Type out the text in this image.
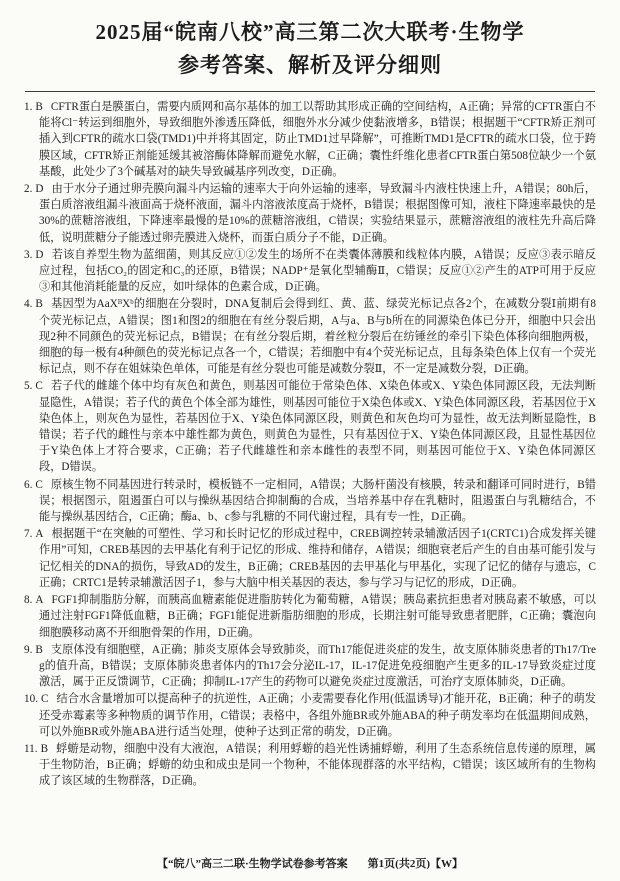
2025届“皖南八校”高三第二次大联考·生物学
参考答案、解析及评分细则

1. B CFTR蛋白是膜蛋白，需要内质网和高尔基体的加工以帮助其形成正确的空间结构，A正确；异常的CFTR蛋白不能将Cl⁻转运到细胞外，导致细胞外渗透压降低，细胞外水分减少使黏液增多，B错误；根据题干“CFTR矫正剂可插入到CFTR的疏水口袋(TMD1)中并将其固定，防止TMD1过早降解”，可推断TMD1是CFTR的疏水口袋，位于跨膜区域，CFTR矫正剂能延缓其被溶酶体降解而避免水解，C正确；囊性纤维化患者CFTR蛋白第508位缺少一个氨基酸，此处少了3个碱基对的缺失导致碱基序列改变，D正确。

2. D 由于水分子通过卵壳膜向漏斗内运输的速率大于向外运输的速率，导致漏斗内液柱快速上升，A错误；80h后，蛋白质溶液组漏斗液面高于烧杯液面，漏斗内溶液浓度高于烧杯，B错误；根据图像可知，液柱下降速率最快的是30%的蔗糖溶液组，下降速率最慢的是10%的蔗糖溶液组，C错误；实验结果显示，蔗糖溶液组的液柱先升高后降低，说明蔗糖分子能透过卵壳膜进入烧杯，而蛋白质分子不能，D正确。

3. D 若该自养型生物为蓝细菌，则其反应①②发生的场所不在类囊体薄膜和线粒体内膜，A错误；反应③表示暗反应过程，包括CO₂的固定和C₃的还原，B错误；NADP⁺是氧化型辅酶Ⅱ，C错误；反应①②产生的ATP可用于反应③和其他消耗能量的反应，如叶绿体的色素合成，D正确。

4. B 基因型为AaXᴮXᵇ的细胞在分裂时，DNA复制后会得到红、黄、蓝、绿荧光标记点各2个，在减数分裂Ⅰ前期有8个荧光标记点，A错误；图1和图2的细胞在有丝分裂后期，A与a、B与b所在的同源染色体已分开，细胞中只会出现2种不同颜色的荧光标记点，B错误；在有丝分裂后期，着丝粒分裂后在纺锤丝的牵引下染色体移向细胞两极，细胞的每一极有4种颜色的荧光标记点各一个，C错误；若细胞中有4个荧光标记点，且每条染色体上仅有一个荧光标记点，则不存在姐妹染色单体，可能是有丝分裂也可能是减数分裂Ⅱ，不一定是减数分裂，D正确。

5. C 若子代的雌雄个体中均有灰色和黄色，则基因可能位于常染色体、X染色体或X、Y染色体同源区段，无法判断显隐性，A错误；若子代的黄色个体全部为雄性，则基因可能位于X染色体或X、Y染色体同源区段，若基因位于X染色体上，则灰色为显性，若基因位于X、Y染色体同源区段，则黄色和灰色均可为显性，故无法判断显隐性，B错误；若子代的雌性与亲本中雄性都为黄色，则黄色为显性，只有基因位于X、Y染色体同源区段，且显性基因位于Y染色体上才符合要求，C正确；若子代雌雄性和亲本雌性的表型不同，则基因可能位于X、Y染色体同源区段，D错误。

6. C 原核生物不同基因进行转录时，模板链不一定相同，A错误；大肠杆菌没有核膜，转录和翻译可同时进行，B错误；根据图示，阻遏蛋白可以与操纵基因结合抑制酶的合成，当培养基中存在乳糖时，阻遏蛋白与乳糖结合，不能与操纵基因结合，C正确；酶a、b、c参与乳糖的不同代谢过程，具有专一性，D正确。

7. A 根据题干“在突触的可塑性、学习和长时记忆的形成过程中，CREB调控转录辅激活因子1(CRTC1)合成发挥关键作用”可知，CREB基因的去甲基化有利于记忆的形成、维持和储存，A错误；细胞衰老后产生的自由基可能引发与记忆相关的DNA的损伤，导致AD的发生，B正确；CREB基因的去甲基化与甲基化，实现了记忆的储存与遗忘，C正确；CRTC1是转录辅激活因子1，参与大脑中相关基因的表达，参与学习与记忆的形成，D正确。

8. A FGF1抑制脂肪分解，而胰高血糖素能促进脂肪转化为葡萄糖，A错误；胰岛素抗拒患者对胰岛素不敏感，可以通过注射FGF1降低血糖，B正确；FGF1能促进新脂肪细胞的形成，长期注射可能导致患者肥胖，C正确；囊泡向细胞膜移动离不开细胞骨架的作用，D正确。

9. B 支原体没有细胞壁，A正确；肺炎支原体会导致肺炎，而Th17能促进炎症的发生，故支原体肺炎患者的Th17/Treg的值升高，B错误；支原体肺炎患者体内的Th17会分泌IL-17，IL-17促进免疫细胞产生更多的IL-17导致炎症过度激活，属于正反馈调节，C正确；抑制IL-17产生的药物可以避免炎症过度激活，可治疗支原体肺炎，D正确。

10. C 结合水含量增加可以提高种子的抗逆性，A正确；小麦需要春化作用(低温诱导)才能开花，B正确；种子的萌发还受赤霉素等多种物质的调节作用，C错误；表格中，各组外施BR或外施ABA的种子萌发率均在低温期间成熟，可以外施BR或外施ABA进行适当处理，使种子达到正常的萌发，D正确。

11. B 蜉蝣是动物，细胞中没有大液泡，A错误；利用蜉蝣的趋光性诱捕蜉蝣，利用了生态系统信息传递的原理，属于生物防治，B正确；蜉蝣的幼虫和成虫是同一个物种，不能体现群落的水平结构，C错误；该区域所有的生物构成了该区域的生物群落，D正确。

【“皖八”高三二联·生物学试卷参考答案 第1页(共2页)【W】
